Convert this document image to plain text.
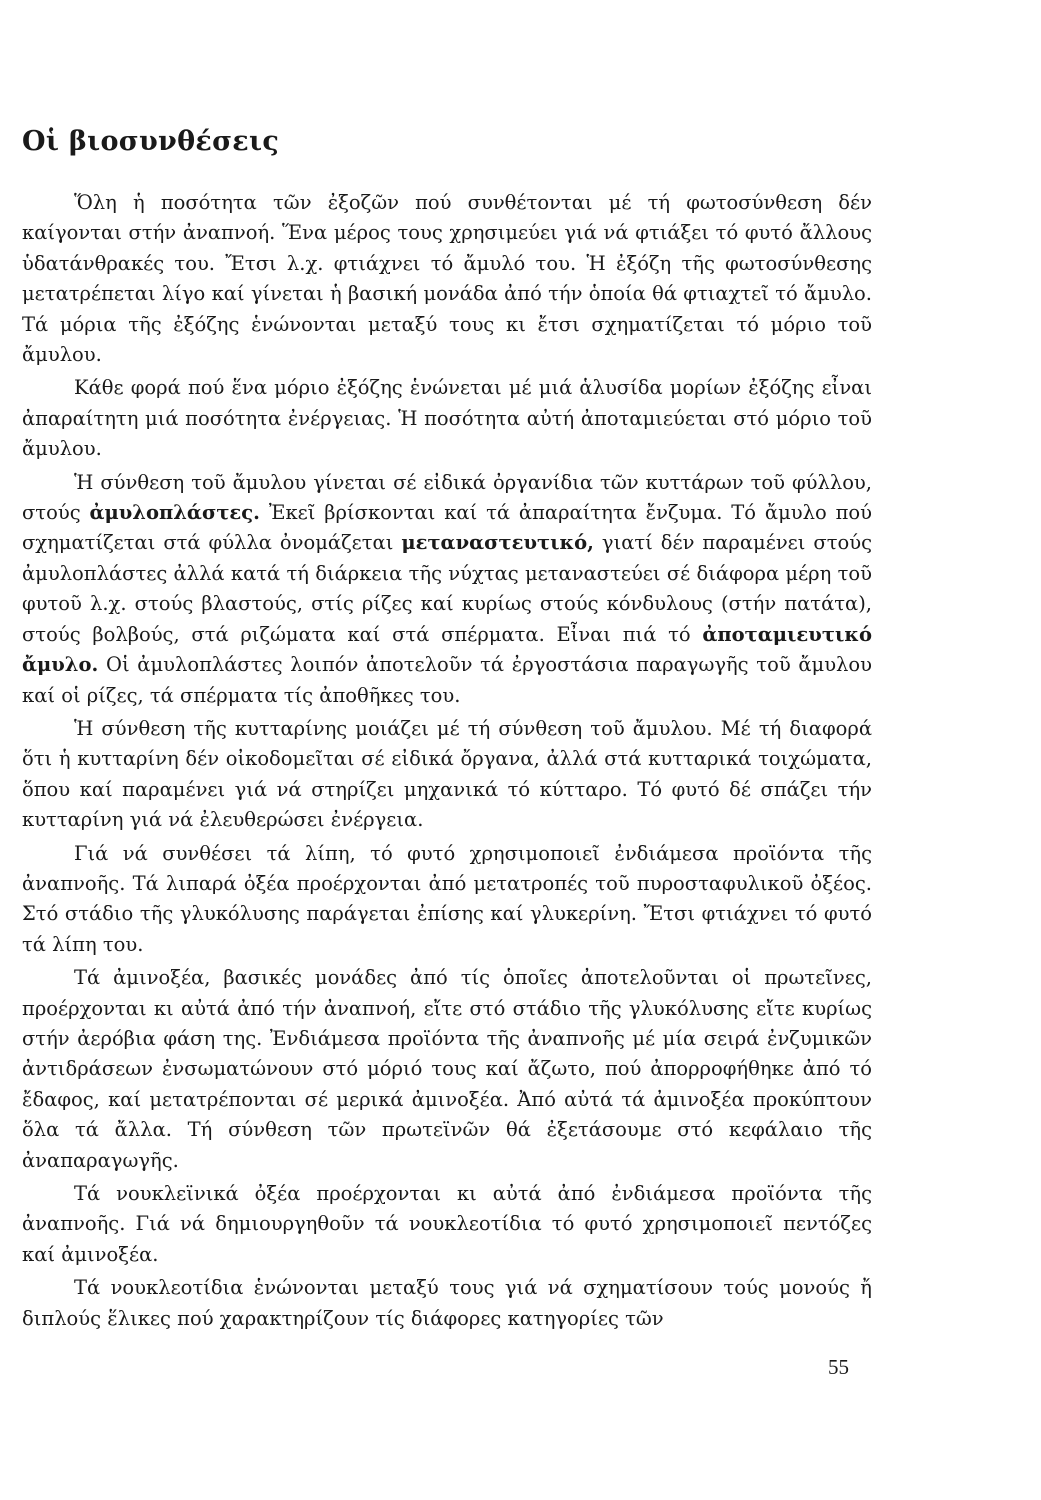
Οἱ βιοσυνθέσεις

Ὅλη ἡ ποσότητα τῶν ἐξοζῶν πού συνθέτονται μέ τή φωτοσύνθεση δέν καίγονται στήν ἀναπνοή. Ἕνα μέρος τους χρησιμεύει γιά νά φτιάξει τό φυτό ἄλλους ὑδατάνθρακές του. Ἔτσι λ.χ. φτιάχνει τό ἄμυλό του. Ἡ ἐξόζη τῆς φωτοσύνθεσης μετατρέπεται λίγο καί γίνεται ἡ βασική μονάδα ἀπό τήν ὁποία θά φτιαχτεῖ τό ἄμυλο. Τά μόρια τῆς ἐξόζης ἑνώνονται μεταξύ τους κι ἔτσι σχηματίζεται τό μόριο τοῦ ἄμυλου.

Κάθε φορά πού ἕνα μόριο ἐξόζης ἑνώνεται μέ μιά ἁλυσίδα μορίων ἐξόζης εἶναι ἀπαραίτητη μιά ποσότητα ἐνέργειας. Ἡ ποσότητα αὐτή ἀποταμιεύεται στό μόριο τοῦ ἄμυλου.

Ἡ σύνθεση τοῦ ἄμυλου γίνεται σέ εἰδικά ὀργανίδια τῶν κυττάρων τοῦ φύλλου, στούς ἀμυλοπλάστες. Ἐκεῖ βρίσκονται καί τά ἀπαραίτητα ἔνζυμα. Τό ἄμυλο πού σχηματίζεται στά φύλλα ὀνομάζεται μεταναστευτικό, γιατί δέν παραμένει στούς ἀμυλοπλάστες ἀλλά κατά τή διάρκεια τῆς νύχτας μεταναστεύει σέ διάφορα μέρη τοῦ φυτοῦ λ.χ. στούς βλαστούς, στίς ρίζες καί κυρίως στούς κόνδυλους (στήν πατάτα), στούς βολβούς, στά ριζώματα καί στά σπέρματα. Εἶναι πιά τό ἀποταμιευτικό ἄμυλο. Οἱ ἀμυλοπλάστες λοιπόν ἀποτελοῦν τά ἐργοστάσια παραγωγῆς τοῦ ἄμυλου καί οἱ ρίζες, τά σπέρματα τίς ἀποθῆκες του.

Ἡ σύνθεση τῆς κυτταρίνης μοιάζει μέ τή σύνθεση τοῦ ἄμυλου. Μέ τή διαφορά ὅτι ἡ κυτταρίνη δέν οἰκοδομεῖται σέ εἰδικά ὄργανα, ἀλλά στά κυτταρικά τοιχώματα, ὅπου καί παραμένει γιά νά στηρίζει μηχανικά τό κύτταρο. Τό φυτό δέ σπάζει τήν κυτταρίνη γιά νά ἐλευθερώσει ἐνέργεια.

Γιά νά συνθέσει τά λίπη, τό φυτό χρησιμοποιεῖ ἐνδιάμεσα προϊόντα τῆς ἀναπνοῆς. Τά λιπαρά ὀξέα προέρχονται ἀπό μετατροπές τοῦ πυροσταφυλικοῦ ὀξέος. Στό στάδιο τῆς γλυκόλυσης παράγεται ἐπίσης καί γλυκερίνη. Ἔτσι φτιάχνει τό φυτό τά λίπη του.

Τά ἀμινοξέα, βασικές μονάδες ἀπό τίς ὁποῖες ἀποτελοῦνται οἱ πρωτεῖνες, προέρχονται κι αὐτά ἀπό τήν ἀναπνοή, εἴτε στό στάδιο τῆς γλυκόλυσης εἴτε κυρίως στήν ἀερόβια φάση της. Ἐνδιάμεσα προϊόντα τῆς ἀναπνοῆς μέ μία σειρά ἐνζυμικῶν ἀντιδράσεων ἐνσωματώνουν στό μόριό τους καί ἄζωτο, πού ἀπορροφήθηκε ἀπό τό ἔδαφος, καί μετατρέπονται σέ μερικά ἀμινοξέα. Ἀπό αὐτά τά ἀμινοξέα προκύπτουν ὅλα τά ἄλλα. Τή σύνθεση τῶν πρωτεϊνῶν θά ἐξετάσουμε στό κεφάλαιο τῆς ἀναπαραγωγῆς.

Τά νουκλεϊνικά ὀξέα προέρχονται κι αὐτά ἀπό ἐνδιάμεσα προϊόντα τῆς ἀναπνοῆς. Γιά νά δημιουργηθοῦν τά νουκλεοτίδια τό φυτό χρησιμοποιεῖ πεντόζες καί ἀμινοξέα.

Τά νουκλεοτίδια ἑνώνονται μεταξύ τους γιά νά σχηματίσουν τούς μονούς ἤ διπλούς ἕλικες πού χαρακτηρίζουν τίς διάφορες κατηγορίες τῶν

55
